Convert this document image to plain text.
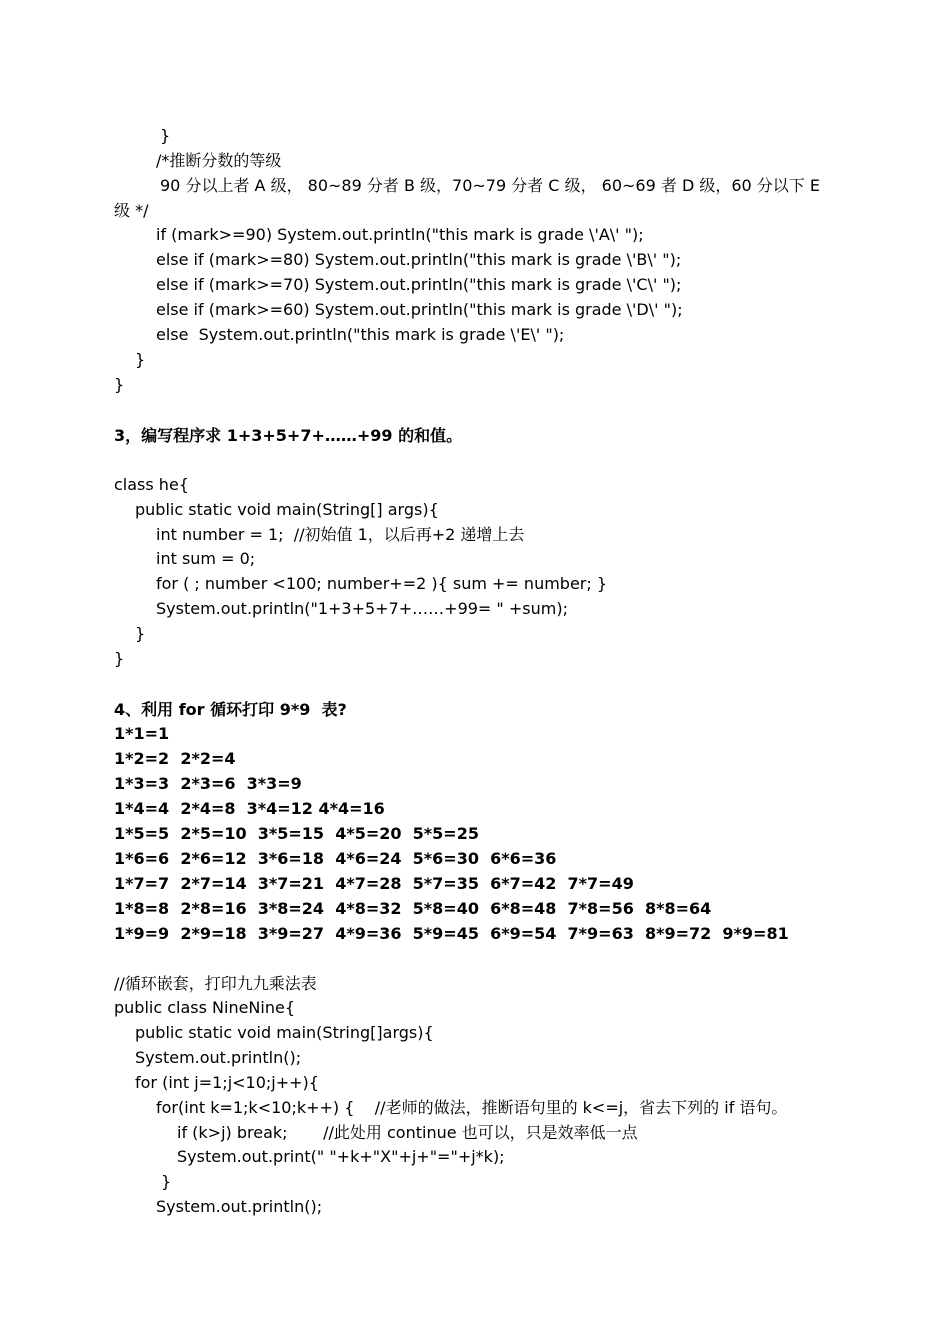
}
/*推断分数的等级
90 分以上者 A 级， 80~89 分者 B 级，70~79 分者 C 级， 60~69 者 D 级，60 分以下 E
级 */
if (mark>=90) System.out.println("this mark is grade \'A\' ");
else if (mark>=80) System.out.println("this mark is grade \'B\' ");
else if (mark>=70) System.out.println("this mark is grade \'C\' ");
else if (mark>=60) System.out.println("this mark is grade \'D\' ");
else  System.out.println("this mark is grade \'E\' ");
}
}
3，编写程序求 1+3+5+7+……+99 的和值。
class he{
public static void main(String[] args){
int number = 1;  //初始值 1，以后再+2 递增上去
int sum = 0;
for ( ; number <100; number+=2 ){ sum += number; }
System.out.println("1+3+5+7+……+99= " +sum);
}
}
4、利用 for 循环打印 9*9  表?
1*1=1
1*2=2  2*2=4
1*3=3  2*3=6  3*3=9
1*4=4  2*4=8  3*4=12 4*4=16
1*5=5  2*5=10  3*5=15  4*5=20  5*5=25
1*6=6  2*6=12  3*6=18  4*6=24  5*6=30  6*6=36
1*7=7  2*7=14  3*7=21  4*7=28  5*7=35  6*7=42  7*7=49
1*8=8  2*8=16  3*8=24  4*8=32  5*8=40  6*8=48  7*8=56  8*8=64
1*9=9  2*9=18  3*9=27  4*9=36  5*9=45  6*9=54  7*9=63  8*9=72  9*9=81
//循环嵌套，打印九九乘法表
public class NineNine{
public static void main(String[]args){
System.out.println();
for (int j=1;j<10;j++){
for(int k=1;k<10;k++) {    //老师的做法，推断语句里的 k<=j，省去下列的 if 语句。
if (k>j) break;       //此处用 continue 也可以，只是效率低一点
System.out.print(" "+k+"X"+j+"="+j*k);
}
System.out.println();
